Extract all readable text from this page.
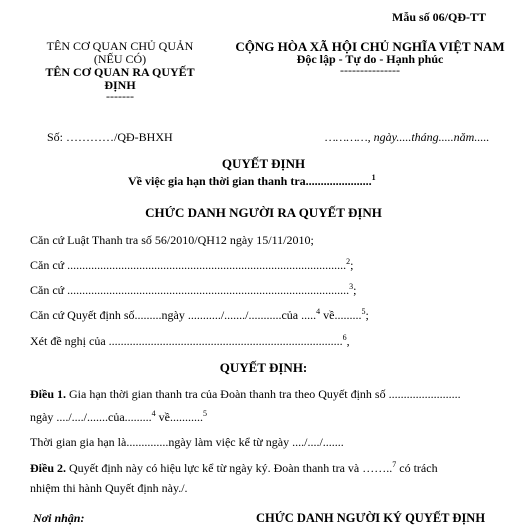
Mẫu số 06/QĐ-TT
TÊN CƠ QUAN CHỦ QUẢN
(NẾU CÓ)
TÊN CƠ QUAN RA QUYẾT
ĐỊNH
-------
CỘNG HÒA XÃ HỘI CHỦ NGHĨA VIỆT NAM
Độc lập - Tự do - Hạnh phúc
---------------
Số: …………/QĐ-BHXH	…………, ngày.....tháng.....năm.....
QUYẾT ĐỊNH
Về việc gia hạn thời gian thanh tra......................$^1$
CHỨC DANH NGƯỜI RA QUYẾT ĐỊNH
Căn cứ Luật Thanh tra số 56/2010/QH12 ngày 15/11/2010;
Căn cứ .............................................................................................$^2$;
Căn cứ ..............................................................................................$^3$;
Căn cứ Quyết định số.........ngày .........../......./...........của .....$^4$ về.........$^5$;
Xét đề nghị của ..............................................................................$^6$,
QUYẾT ĐỊNH:
Điều 1. Gia hạn thời gian thanh tra của Đoàn thanh tra theo Quyết định số ........................
ngày ..../..../.......của.........$^4$ về...........$^5$
Thời gian gia hạn là..............ngày làm việc kể từ ngày ..../..../.......
Điều 2. Quyết định này có hiệu lực kể từ ngày ký. Đoàn thanh tra và ……..$^7$ có trách
nhiệm thi hành Quyết định này./.
Nơi nhận:	CHỨC DANH NGƯỜI KÝ QUYẾT ĐỊNH
